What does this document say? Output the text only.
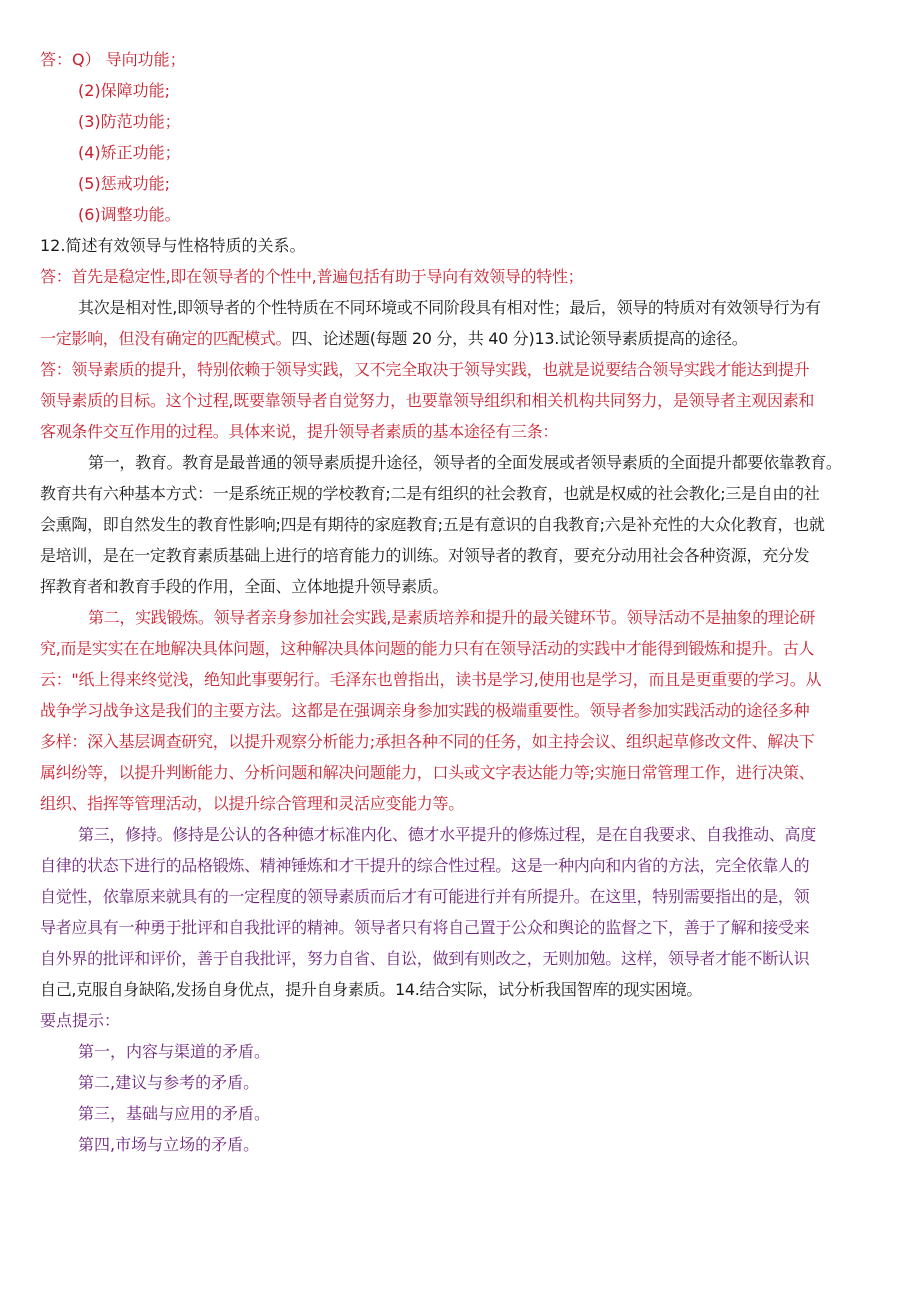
答：Q） 导向功能；

(2)保障功能;

(3)防范功能；

(4)矫正功能；

(5)惩戒功能;

(6)调整功能。

12.简述有效领导与性格特质的关系。

答：首先是稳定性,即在领导者的个性中,普遍包括有助于导向有效领导的特性；

其次是相对性,即领导者的个性特质在不同环境或不同阶段具有相对性；最后，领导的特质对有效领导行为有

一定影响，但没有确定的匹配模式。四、论述题(每题 20 分，共 40 分)13.试论领导素质提高的途径。

答：领导素质的提升，特别依赖于领导实践，又不完全取决于领导实践，也就是说要结合领导实践才能达到提升

领导素质的目标。这个过程,既要靠领导者自觉努力，也要靠领导组织和相关机构共同努力，是领导者主观因素和

客观条件交互作用的过程。具体来说，提升领导者素质的基本途径有三条：

第一，教育。教育是最普通的领导素质提升途径，领导者的全面发展或者领导素质的全面提升都要依靠教育。

教育共有六种基本方式：一是系统正规的学校教育;二是有组织的社会教育，也就是权威的社会教化;三是自由的社

会熏陶，即自然发生的教育性影响;四是有期待的家庭教育;五是有意识的自我教育;六是补充性的大众化教育，也就

是培训，是在一定教育素质基础上进行的培育能力的训练。对领导者的教育，要充分动用社会各种资源，充分发

挥教育者和教育手段的作用，全面、立体地提升领导素质。

第二，实践锻炼。领导者亲身参加社会实践,是素质培养和提升的最关键环节。领导活动不是抽象的理论研

究,而是实实在在地解决具体问题，这种解决具体问题的能力只有在领导活动的实践中才能得到锻炼和提升。古人

云："纸上得来终觉浅，绝知此事要躬行。毛泽东也曾指出，读书是学习,使用也是学习，而且是更重要的学习。从

战争学习战争这是我们的主要方法。这都是在强调亲身参加实践的极端重要性。领导者参加实践活动的途径多种

多样：深入基层调查研究，以提升观察分析能力;承担各种不同的任务，如主持会议、组织起草修改文件、解决下

属纠纷等，以提升判断能力、分析问题和解决问题能力，口头或文字表达能力等;实施日常管理工作，进行决策、

组织、指挥等管理活动，以提升综合管理和灵活应变能力等。

第三，修持。修持是公认的各种德才标准内化、德才水平提升的修炼过程，是在自我要求、自我推动、高度

自律的状态下进行的品格锻炼、精神锤炼和才干提升的综合性过程。这是一种内向和内省的方法，完全依靠人的

自觉性，依靠原来就具有的一定程度的领导素质而后才有可能进行并有所提升。在这里，特别需要指出的是，领

导者应具有一种勇于批评和自我批评的精神。领导者只有将自己置于公众和舆论的监督之下，善于了解和接受来

自外界的批评和评价，善于自我批评，努力自省、自讼，做到有则改之，无则加勉。这样，领导者才能不断认识

自己,克服自身缺陷,发扬自身优点，提升自身素质。14.结合实际，试分析我国智库的现实困境。

要点提示：

第一，内容与渠道的矛盾。

第二,建议与参考的矛盾。

第三，基础与应用的矛盾。

第四,市场与立场的矛盾。
